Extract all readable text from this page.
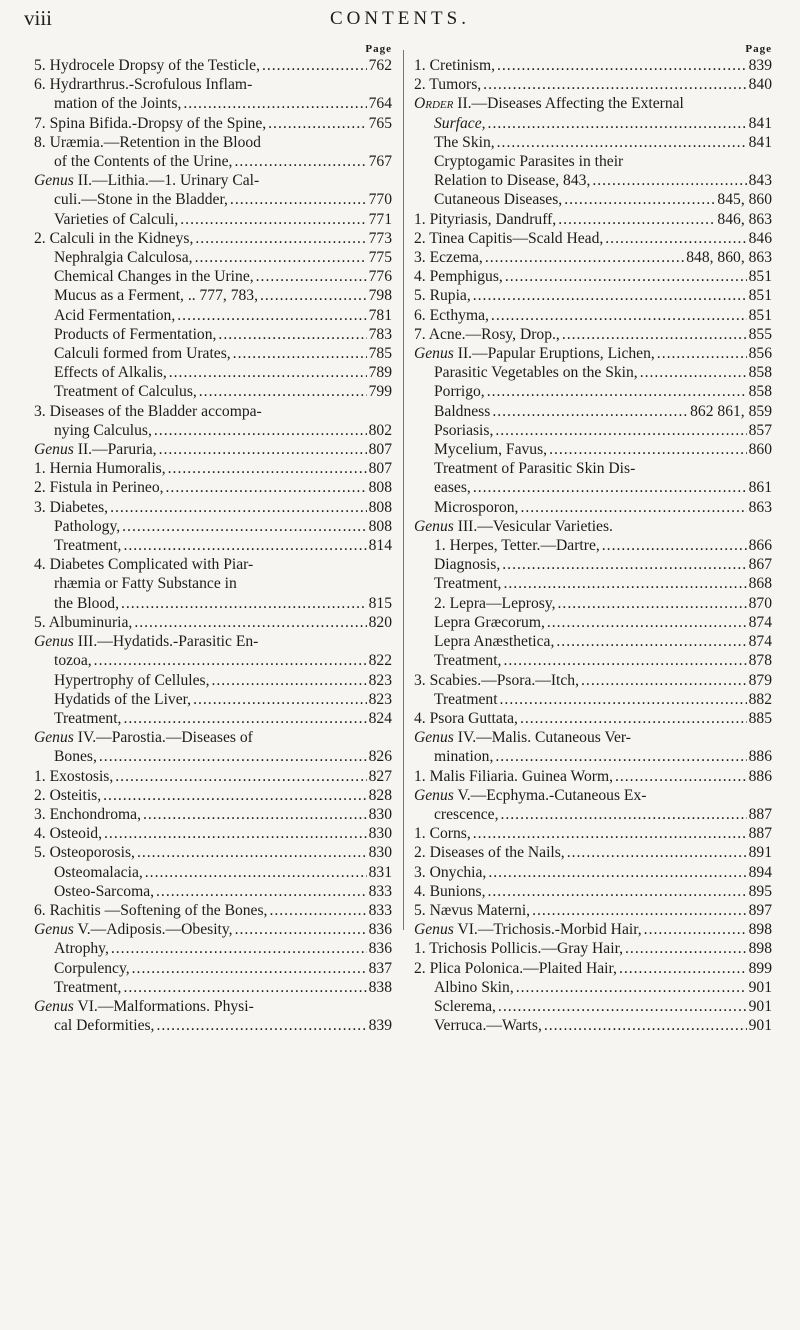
viii	CONTENTS.
Page
5. Hydrocele Dropsy of the Testicle, .....	762
6. Hydrarthrus.-Scrofulous Inflam-
mation of the Joints, .....	764
7. Spina Bifida.-Dropsy of the Spine, .....	765
8. Uræmia.—Retention in the Blood
of the Contents of the Urine, .....	767
Genus II.—Lithia.—1. Urinary Cal-
culi.—Stone in the Bladder, .....	770
Varieties of Calculi, .....	771
2. Calculi in the Kidneys, .....	773
Nephralgia Calculosa, .....	775
Chemical Changes in the Urine, .....	776
Mucus as a Ferment, .. 777, 783, .....	798
Acid Fermentation, .....	781
Products of Fermentation, .....	783
Calculi formed from Urates, .....	785
Effects of Alkalis, .....	789
Treatment of Calculus, .....	799
3. Diseases of the Bladder accompa-
nying Calculus, .....	802
Genus II.—Paruria, .....	807
1. Hernia Humoralis, .....	807
2. Fistula in Perineo, .....	808
3. Diabetes, .....	808
Pathology, .....	808
Treatment, .....	814
4. Diabetes Complicated with Piar-
rhæmia or Fatty Substance in
the Blood, .....	815
5. Albuminuria, .....	820
Genus III.—Hydatids.-Parasitic En-
tozoa, .....	822
Hypertrophy of Cellules, .....	823
Hydatids of the Liver, .....	823
Treatment, .....	824
Genus IV.—Parostia.—Diseases of
Bones, .....	826
1. Exostosis, .....	827
2. Osteitis, .....	828
3. Enchondroma, .....	830
4. Osteoid, .....	830
5. Osteoporosis, .....	830
Osteomalacia, .....	831
Osteo-Sarcoma, .....	833
6. Rachitis —Softening of the Bones, .....	833
Genus V.—Adiposis.—Obesity, .....	836
Atrophy, .....	836
Corpulency, .....	837
Treatment, .....	838
Genus VI.—Malformations. Physi-
cal Deformities, .....	839
Page
1. Cretinism, .....	839
2. Tumors, .....	840
Order II.—Diseases Affecting the External
Surface, .....	841
The Skin, .....	841
Cryptogamic Parasites in their
Relation to Disease, 843, .....	843
Cutaneous Diseases, .....	845, 860
1. Pityriasis, Dandruff, .....	846, 863
2. Tinea Capitis—Scald Head, .....	846
3. Eczema, .....	848, 860, 863
4. Pemphigus, .....	851
5. Rupia, .....	851
6. Ecthyma, .....	851
7. Acne.—Rosy, Drop., .....	855
Genus II.—Papular Eruptions, Lichen, .....	856
Parasitic Vegetables on the Skin, .....	858
Porrigo, .....	858
Baldness .....	862 861, 859
Psoriasis, .....	857
Mycelium, Favus, .....	860
Treatment of Parasitic Skin Dis-
eases, .....	861
Microsporon, .....	863
Genus III.—Vesicular Varieties.
1. Herpes, Tetter.—Dartre, .....	866
Diagnosis, .....	867
Treatment, .....	868
2. Lepra—Leprosy, .....	870
Lepra Græcorum, .....	874
Lepra Anæsthetica, .....	874
Treatment, .....	878
3. Scabies.—Psora.—Itch, .....	879
Treatment .....	882
4. Psora Guttata, .....	885
Genus IV.—Malis. Cutaneous Ver-
mination, .....	886
1. Malis Filiaria. Guinea Worm, .....	886
Genus V.—Ecphyma.-Cutaneous Ex-
crescence, .....	887
1. Corns, .....	887
2. Diseases of the Nails, .....	891
3. Onychia, .....	894
4. Bunions, .....	895
5. Nævus Materni, .....	897
Genus VI.—Trichosis.-Morbid Hair, .....	898
1. Trichosis Pollicis.—Gray Hair, .....	898
2. Plica Polonica.—Plaited Hair, .....	899
Albino Skin, .....	901
Sclerema, .....	901
Verruca.—Warts, .....	901
